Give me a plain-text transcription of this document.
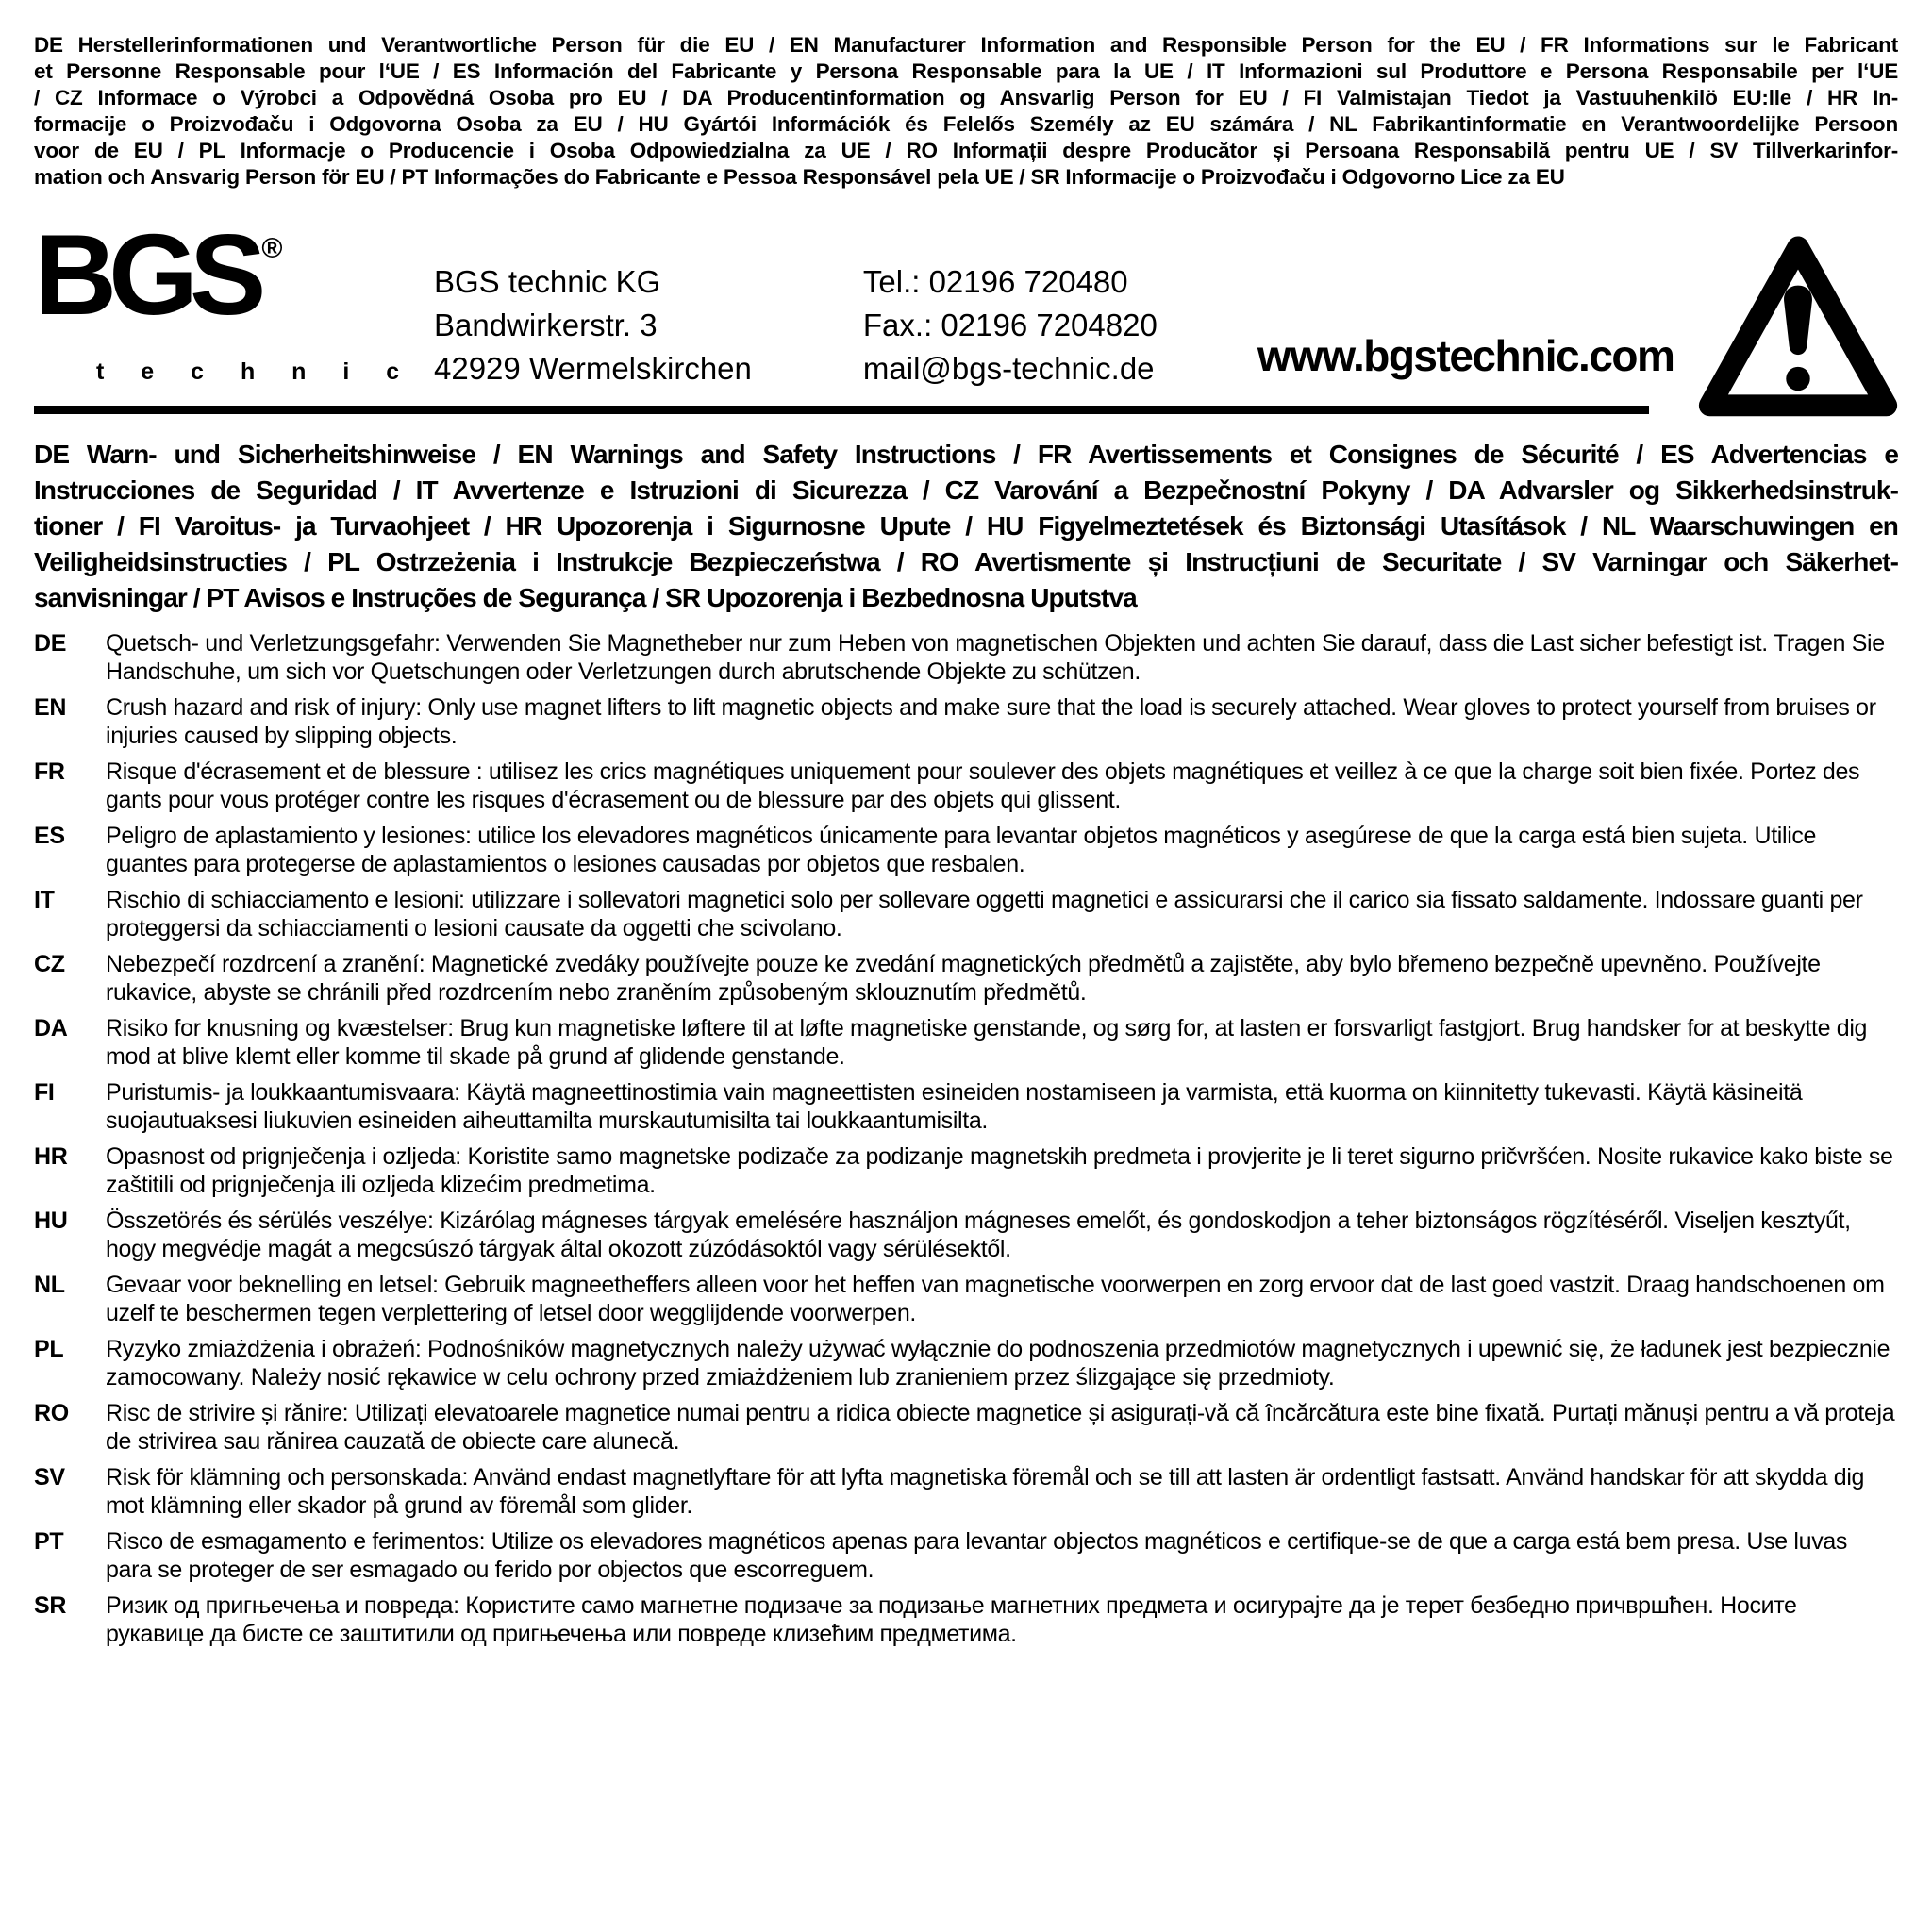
DE Herstellerinformationen und Verantwortliche Person für die EU / EN Manufacturer Information and Responsible Person for the EU / FR Informations sur le Fabricant
et Personne Responsable pour l‘UE / ES Información del Fabricante y Persona Responsable para la UE / IT Informazioni sul Produttore e Persona Responsabile per l‘UE
/ CZ Informace o Výrobci a Odpovědná Osoba pro EU / DA Producentinformation og Ansvarlig Person for EU / FI Valmistajan Tiedot ja Vastuuhenkilö EU:lle / HR In-
formacije o Proizvođaču i Odgovorna Osoba za EU / HU Gyártói Információk és Felelős Személy az EU számára / NL Fabrikantinformatie en Verantwoordelijke Persoon
voor de EU / PL Informacje o Producencie i Osoba Odpowiedzialna za UE / RO Informații despre Producător și Persoana Responsabilă pentru UE / SV Tillverkarinfor-
mation och Ansvarig Person för EU / PT Informações do Fabricante e Pessoa Responsável pela UE / SR Informacije o Proizvođaču i Odgovorno Lice za EU
BGS ®
t e c h n i c
BGS technic KG
Bandwirkerstr. 3
42929 Wermelskirchen
Tel.: 02196 720480
Fax.: 02196 7204820
mail@bgs-technic.de www.bgstechnic.com
DE Warn- und Sicherheitshinweise / EN Warnings and Safety Instructions / FR Avertissements et Consignes de Sécurité / ES Advertencias e
Instrucciones de Seguridad / IT Avvertenze e Istruzioni di Sicurezza / CZ Varování a Bezpečnostní Pokyny / DA Advarsler og Sikkerhedsinstruk-
tioner / FI Varoitus- ja Turvaohjeet / HR Upozorenja i Sigurnosne Upute / HU Figyelmeztetések és Biztonsági Utasítások / NL Waarschuwingen en
Veiligheidsinstructies / PL Ostrzeżenia i Instrukcje Bezpieczeństwa / RO Avertismente și Instrucțiuni de Securitate / SV Varningar och Säkerhet-
sanvisningar / PT Avisos e Instruções de Segurança / SR Upozorenja i Bezbednosna Uputstva
DE	Quetsch- und Verletzungsgefahr: Verwenden Sie Magnetheber nur zum Heben von magnetischen Objekten und achten Sie darauf, dass die Last sicher befestigt ist. Tragen Sie Handschuhe, um sich vor Quetschungen oder Verletzungen durch abrutschende Objekte zu schützen.
EN	Crush hazard and risk of injury: Only use magnet lifters to lift magnetic objects and make sure that the load is securely attached. Wear gloves to protect yourself from bruises or injuries caused by slipping objects.
FR	Risque d'écrasement et de blessure : utilisez les crics magnétiques uniquement pour soulever des objets magnétiques et veillez à ce que la charge soit bien fixée. Portez des gants pour vous protéger contre les risques d'écrasement ou de blessure par des objets qui glissent.
ES	Peligro de aplastamiento y lesiones: utilice los elevadores magnéticos únicamente para levantar objetos magnéticos y asegúrese de que la carga está bien sujeta. Utilice guantes para protegerse de aplastamientos o lesiones causadas por objetos que resbalen.
IT	Rischio di schiacciamento e lesioni: utilizzare i sollevatori magnetici solo per sollevare oggetti magnetici e assicurarsi che il carico sia fissato saldamente. Indossare guanti per proteggersi da schiacciamenti o lesioni causate da oggetti che scivolano.
CZ	Nebezpečí rozdrcení a zranění: Magnetické zvedáky používejte pouze ke zvedání magnetických předmětů a zajistěte, aby bylo břemeno bezpečně upevněno. Používejte rukavice, abyste se chránili před rozdrcením nebo zraněním způsobeným sklouznutím předmětů.
DA	Risiko for knusning og kvæstelser: Brug kun magnetiske løftere til at løfte magnetiske genstande, og sørg for, at lasten er forsvarligt fastgjort. Brug handsker for at beskytte dig mod at blive klemt eller komme til skade på grund af glidende genstande.
FI	Puristumis- ja loukkaantumisvaara: Käytä magneettinostimia vain magneettisten esineiden nostamiseen ja varmista, että kuorma on kiinnitetty tukevasti. Käytä käsineitä suojautuaksesi liukuvien esineiden aiheuttamilta murskautumisilta tai loukkaantumisilta.
HR	Opasnost od prignječenja i ozljeda: Koristite samo magnetske podizače za podizanje magnetskih predmeta i provjerite je li teret sigurno pričvršćen. Nosite rukavice kako biste se zaštitili od prignječenja ili ozljeda klizećim predmetima.
HU	Összetörés és sérülés veszélye: Kizárólag mágneses tárgyak emelésére használjon mágneses emelőt, és gondoskodjon a teher biztonságos rögzítéséről. Viseljen kesztyűt, hogy megvédje magát a megcsúszó tárgyak által okozott zúzódásoktól vagy sérülésektől.
NL	Gevaar voor beknelling en letsel: Gebruik magneetheffers alleen voor het heffen van magnetische voorwerpen en zorg ervoor dat de last goed vastzit. Draag handschoenen om uzelf te beschermen tegen verplettering of letsel door wegglijdende voorwerpen.
PL	Ryzyko zmiażdżenia i obrażeń: Podnośników magnetycznych należy używać wyłącznie do podnoszenia przedmiotów magnetycznych i upewnić się, że ładunek jest bezpiecznie zamocowany. Należy nosić rękawice w celu ochrony przed zmiażdżeniem lub zranieniem przez ślizgające się przedmioty.
RO	Risc de strivire și rănire: Utilizați elevatoarele magnetice numai pentru a ridica obiecte magnetice și asigurați-vă că încărcătura este bine fixată. Purtați mănuși pentru a vă proteja de strivirea sau rănirea cauzată de obiecte care alunecă.
SV	Risk för klämning och personskada: Använd endast magnetlyftare för att lyfta magnetiska föremål och se till att lasten är ordentligt fastsatt. Använd handskar för att skydda dig mot klämning eller skador på grund av föremål som glider.
PT	Risco de esmagamento e ferimentos: Utilize os elevadores magnéticos apenas para levantar objectos magnéticos e certifique-se de que a carga está bem presa. Use luvas para se proteger de ser esmagado ou ferido por objectos que escorreguem.
SR	Ризик од пригњечења и повреда: Користите само магнетне подизаче за подизање магнетних предмета и осигурајте да је терет безбедно причвршћен. Носите рукавице да бисте се заштитили од пригњечења или повреде клизећим предметима.
